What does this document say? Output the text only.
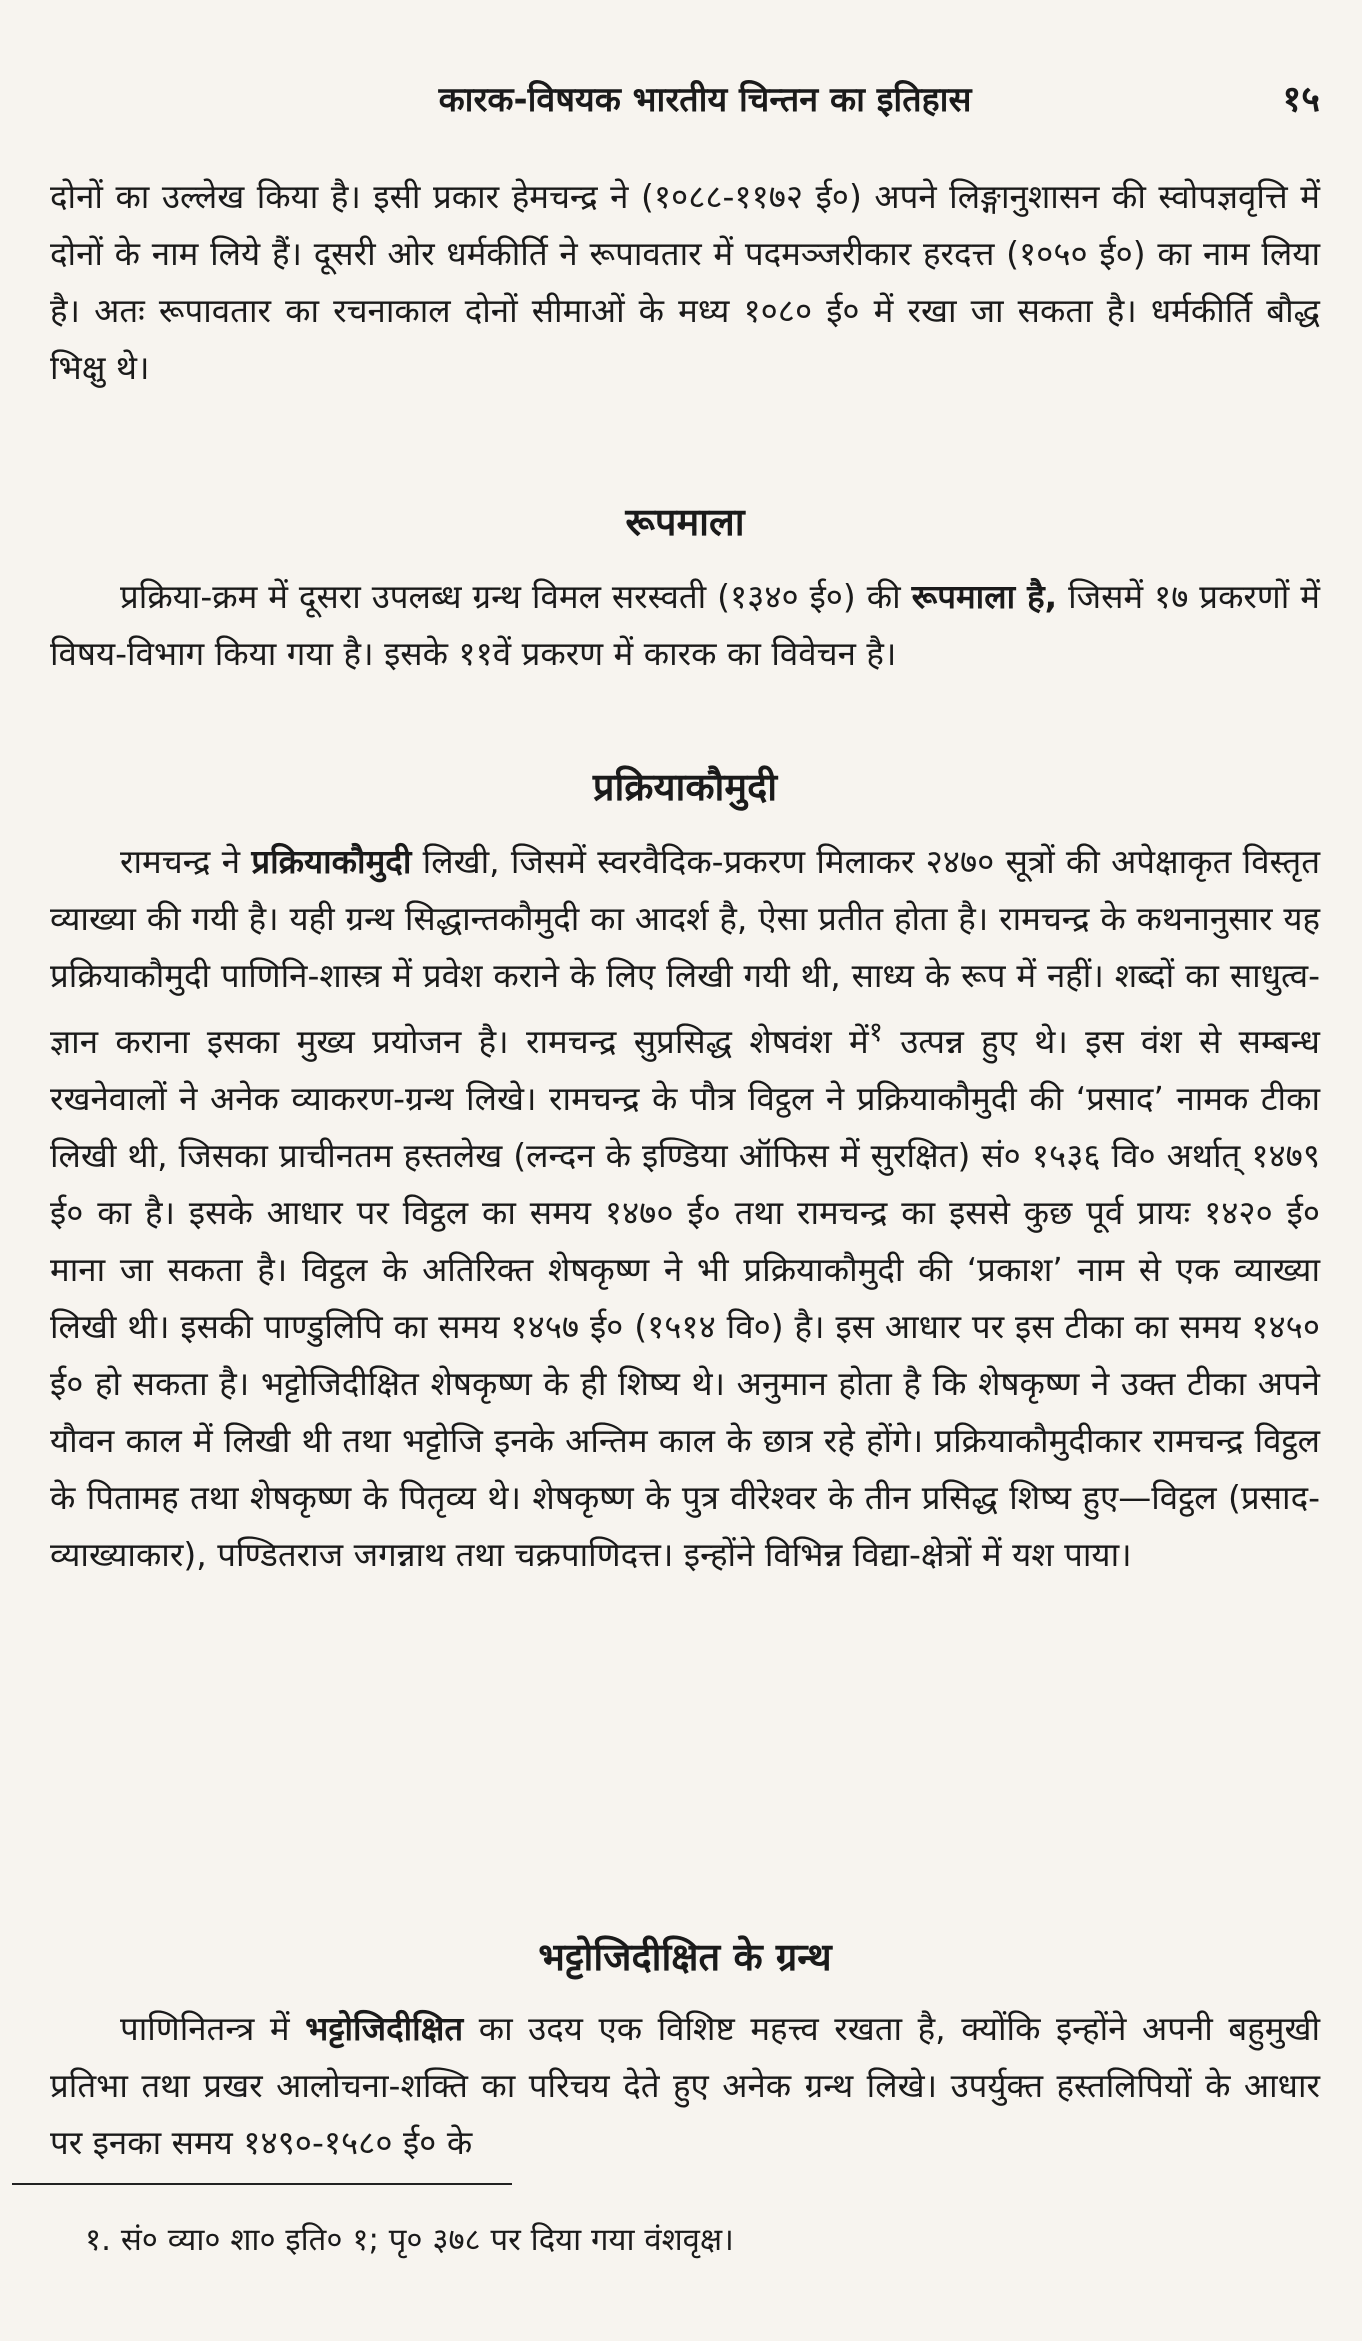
कारक-विषयक भारतीय चिन्तन का इतिहास	१५

दोनों का उल्लेख किया है। इसी प्रकार हेमचन्द्र ने (१०८८-११७२ ई०) अपने लिङ्गानुशासन की स्वोपज्ञवृत्ति में दोनों के नाम लिये हैं। दूसरी ओर धर्मकीर्ति ने रूपावतार में पदमञ्जरीकार हरदत्त (१०५० ई०) का नाम लिया है। अतः रूपावतार का रचनाकाल दोनों सीमाओं के मध्य १०८० ई० में रखा जा सकता है। धर्मकीर्ति बौद्ध भिक्षु थे।

रूपमाला

प्रक्रिया-क्रम में दूसरा उपलब्ध ग्रन्थ विमल सरस्वती (१३४० ई०) की रूपमाला है, जिसमें १७ प्रकरणों में विषय-विभाग किया गया है। इसके ११वें प्रकरण में कारक का विवेचन है।

प्रक्रियाकौमुदी

रामचन्द्र ने प्रक्रियाकौमुदी लिखी, जिसमें स्वरवैदिक-प्रकरण मिलाकर २४७० सूत्रों की अपेक्षाकृत विस्तृत व्याख्या की गयी है। यही ग्रन्थ सिद्धान्तकौमुदी का आदर्श है, ऐसा प्रतीत होता है। रामचन्द्र के कथनानुसार यह प्रक्रियाकौमुदी पाणिनि-शास्त्र में प्रवेश कराने के लिए लिखी गयी थी, साध्य के रूप में नहीं। शब्दों का साधुत्व-ज्ञान कराना इसका मुख्य प्रयोजन है। रामचन्द्र सुप्रसिद्ध शेषवंश में$^१$ उत्पन्न हुए थे। इस वंश से सम्बन्ध रखनेवालों ने अनेक व्याकरण-ग्रन्थ लिखे। रामचन्द्र के पौत्र विट्ठल ने प्रक्रियाकौमुदी की ‘प्रसाद’ नामक टीका लिखी थी, जिसका प्राचीनतम हस्तलेख (लन्दन के इण्डिया ऑफिस में सुरक्षित) सं० १५३६ वि० अर्थात् १४७९ ई० का है। इसके आधार पर विट्ठल का समय १४७० ई० तथा रामचन्द्र का इससे कुछ पूर्व प्रायः १४२० ई० माना जा सकता है। विट्ठल के अतिरिक्त शेषकृष्ण ने भी प्रक्रियाकौमुदी की ‘प्रकाश’ नाम से एक व्याख्या लिखी थी। इसकी पाण्डुलिपि का समय १४५७ ई० (१५१४ वि०) है। इस आधार पर इस टीका का समय १४५० ई० हो सकता है। भट्टोजिदीक्षित शेषकृष्ण के ही शिष्य थे। अनुमान होता है कि शेषकृष्ण ने उक्त टीका अपने यौवन काल में लिखी थी तथा भट्टोजि इनके अन्तिम काल के छात्र रहे होंगे। प्रक्रियाकौमुदीकार रामचन्द्र विट्ठल के पितामह तथा शेषकृष्ण के पितृव्य थे। शेषकृष्ण के पुत्र वीरेश्वर के तीन प्रसिद्ध शिष्य हुए—विट्ठल (प्रसाद-व्याख्याकार), पण्डितराज जगन्नाथ तथा चक्रपाणिदत्त। इन्होंने विभिन्न विद्या-क्षेत्रों में यश पाया।

भट्टोजिदीक्षित के ग्रन्थ

पाणिनितन्त्र में भट्टोजिदीक्षित का उदय एक विशिष्ट महत्त्व रखता है, क्योंकि इन्होंने अपनी बहुमुखी प्रतिभा तथा प्रखर आलोचना-शक्ति का परिचय देते हुए अनेक ग्रन्थ लिखे। उपर्युक्त हस्तलिपियों के आधार पर इनका समय १४९०-१५८० ई० के

१. सं० व्या० शा० इति० १; पृ० ३७८ पर दिया गया वंशवृक्ष।
